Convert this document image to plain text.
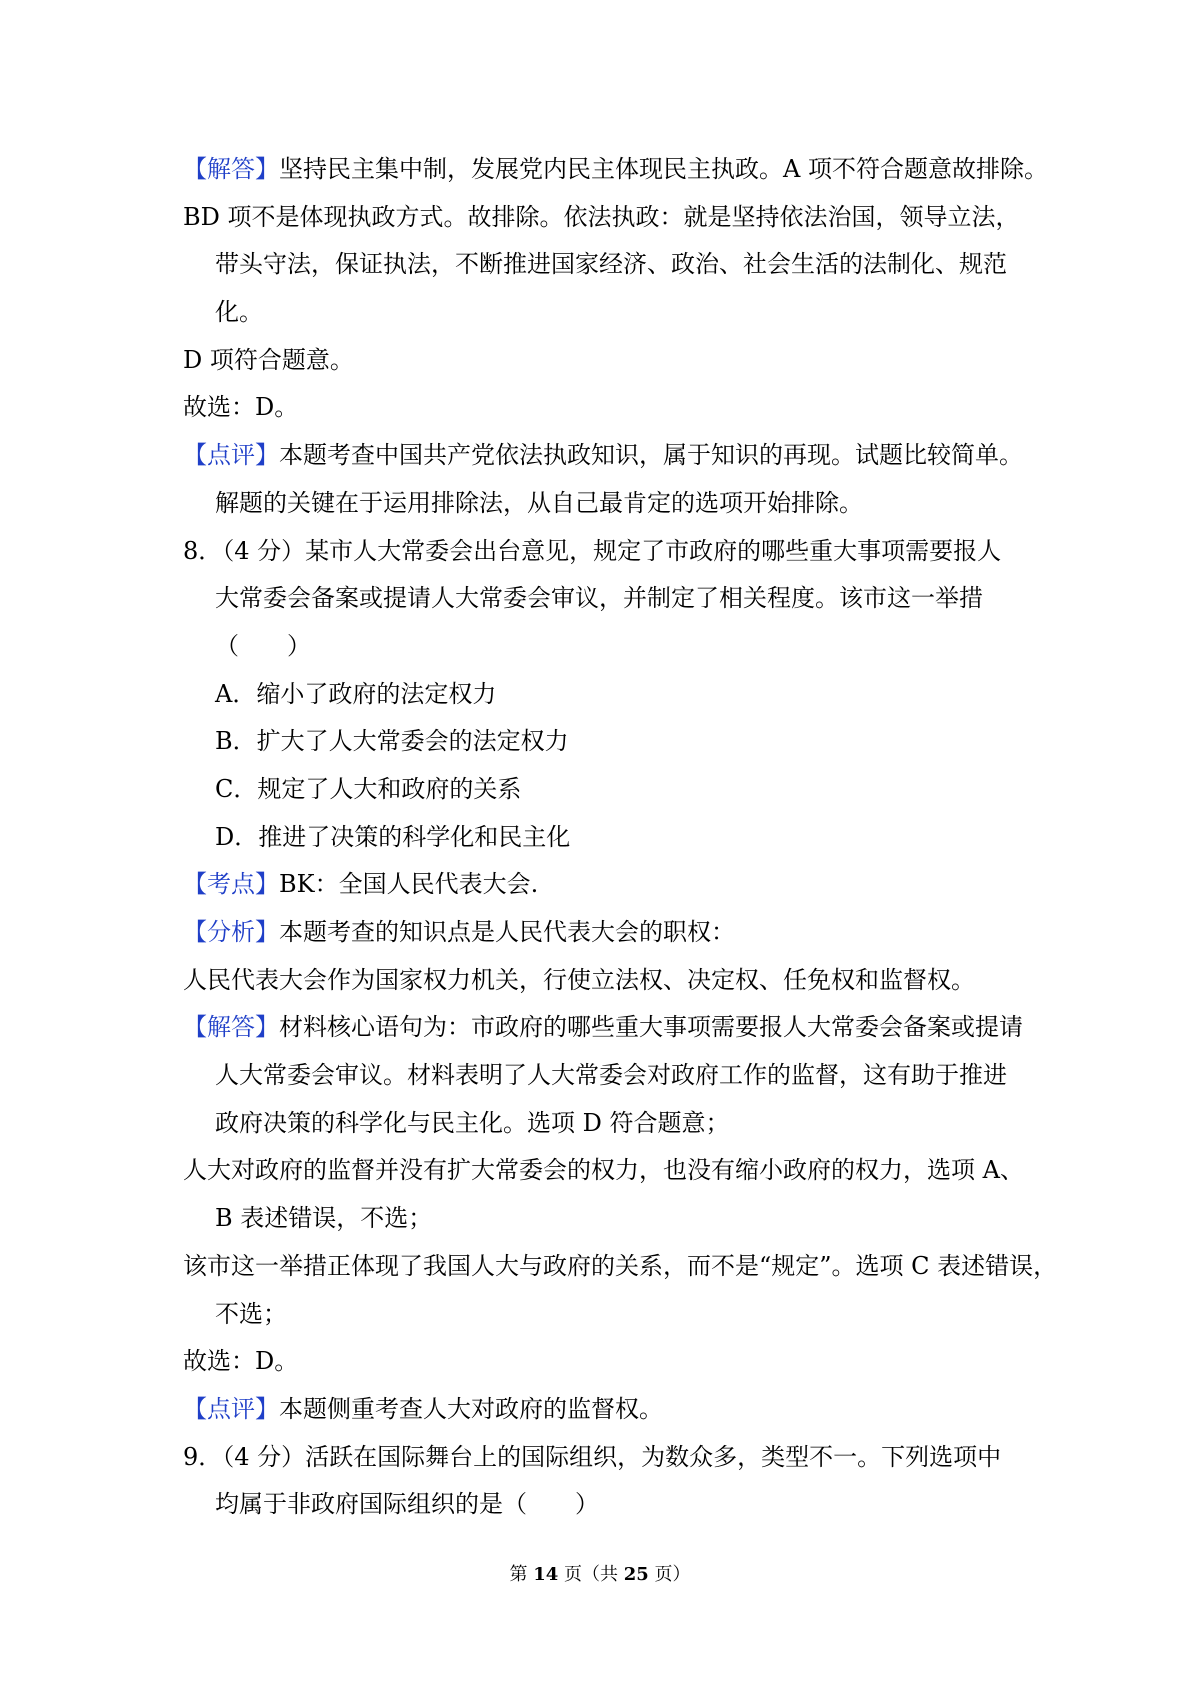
【解答】坚持民主集中制，发展党内民主体现民主执政。A 项不符合题意故排除。
BD 项不是体现执政方式。故排除。依法执政：就是坚持依法治国，领导立法，
带头守法，保证执法，不断推进国家经济、政治、社会生活的法制化、规范
化。
D 项符合题意。
故选：D。
【点评】本题考查中国共产党依法执政知识，属于知识的再现。试题比较简单。
解题的关键在于运用排除法，从自己最肯定的选项开始排除。
8．（4 分）某市人大常委会出台意见，规定了市政府的哪些重大事项需要报人
大常委会备案或提请人大常委会审议，并制定了相关程度。该市这一举措
（　　）
A．缩小了政府的法定权力
B．扩大了人大常委会的法定权力
C．规定了人大和政府的关系
D．推进了决策的科学化和民主化
【考点】BK：全国人民代表大会.
【分析】本题考查的知识点是人民代表大会的职权：
人民代表大会作为国家权力机关，行使立法权、决定权、任免权和监督权。
【解答】材料核心语句为：市政府的哪些重大事项需要报人大常委会备案或提请
人大常委会审议。材料表明了人大常委会对政府工作的监督，这有助于推进
政府决策的科学化与民主化。选项 D 符合题意；
人大对政府的监督并没有扩大常委会的权力，也没有缩小政府的权力，选项 A、
B 表述错误，不选；
该市这一举措正体现了我国人大与政府的关系，而不是“规定”。选项 C 表述错误，
不选；
故选：D。
【点评】本题侧重考查人大对政府的监督权。
9．（4 分）活跃在国际舞台上的国际组织，为数众多，类型不一。下列选项中
均属于非政府国际组织的是（　　）
第 14 页（共 25 页）
